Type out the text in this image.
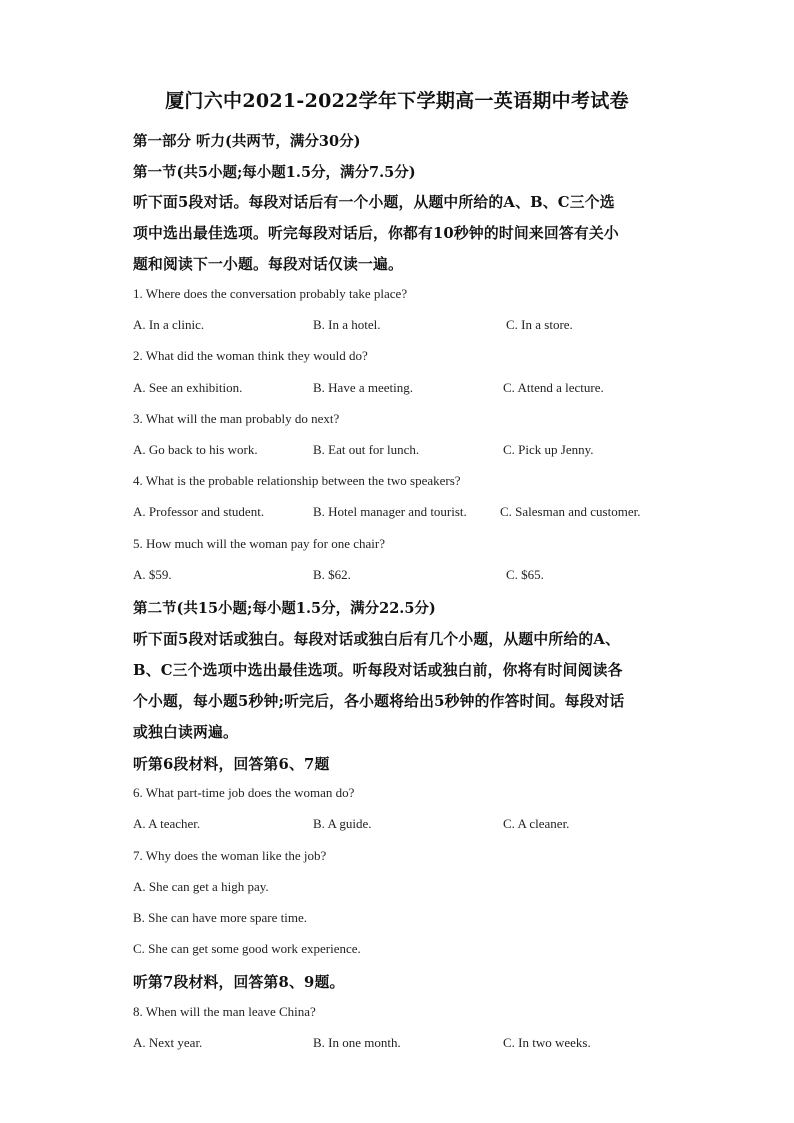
厦门六中2021-2022学年下学期高一英语期中考试卷
第一部分 听力(共两节，满分30分)
第一节(共5小题;每小题1.5分，满分7.5分)
听下面5段对话。每段对话后有一个小题，从题中所给的A、B、C三个选
项中选出最佳选项。听完每段对话后，你都有10秒钟的时间来回答有关小
题和阅读下一小题。每段对话仅读一遍。
1. Where does the conversation probably take place?
A. In a clinic.	B. In a hotel.	C. In a store.
2. What did the woman think they would do?
A. See an exhibition.	B. Have a meeting.	C. Attend a lecture.
3. What will the man probably do next?
A. Go back to his work.	B. Eat out for lunch.	C. Pick up Jenny.
4. What is the probable relationship between the two speakers?
A. Professor and student.	B. Hotel manager and tourist.	C. Salesman and customer.
5. How much will the woman pay for one chair?
A. $59.	B. $62.	C. $65.
第二节(共15小题;每小题1.5分，满分22.5分)
听下面5段对话或独白。每段对话或独白后有几个小题，从题中所给的A、
B、C三个选项中选出最佳选项。听每段对话或独白前，你将有时间阅读各
个小题，每小题5秒钟;听完后，各小题将给出5秒钟的作答时间。每段对话
或独白读两遍。
听第6段材料，回答第6、7题
6. What part-time job does the woman do?
A. A teacher.	B. A guide.	C. A cleaner.
7. Why does the woman like the job?
A. She can get a high pay.
B. She can have more spare time.
C. She can get some good work experience.
听第7段材料，回答第8、9题。
8. When will the man leave China?
A. Next year.	B. In one month.	C. In two weeks.
